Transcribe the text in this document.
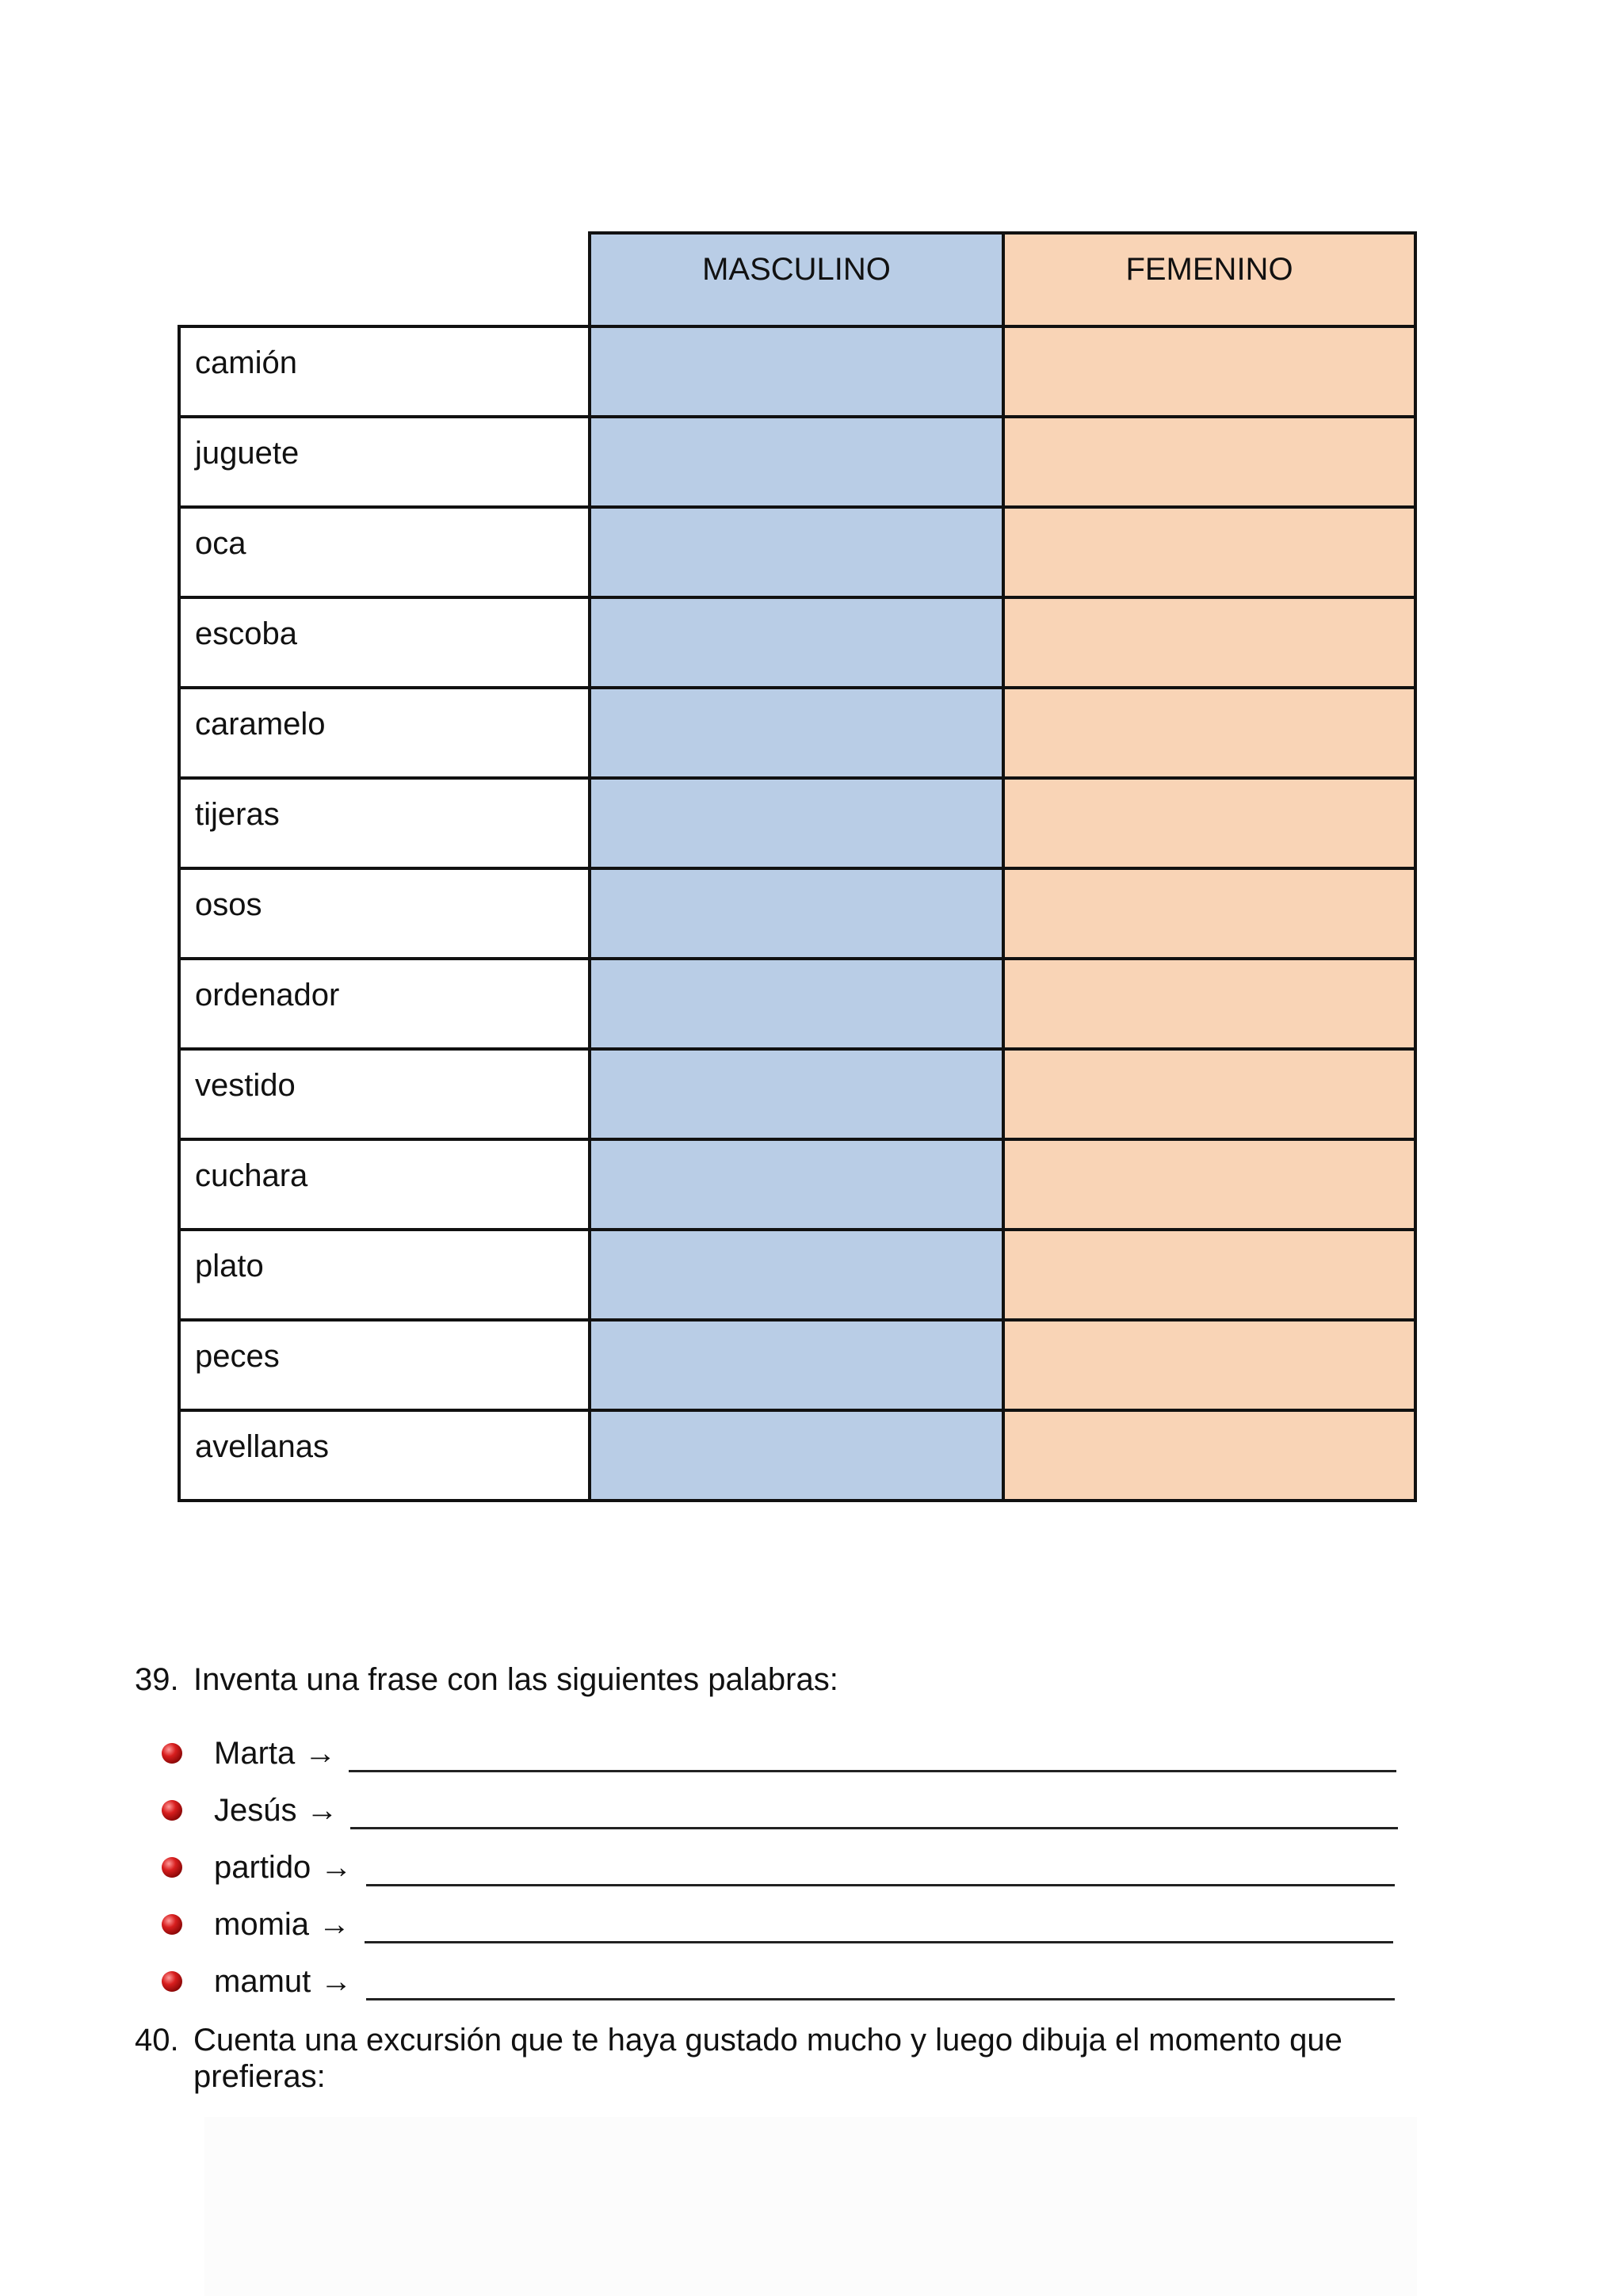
	MASCULINO	FEMENINO
camión		
juguete		
oca		
escoba		
caramelo		
tijeras		
osos		
ordenador		
vestido		
cuchara		
plato		
peces		
avellanas		
39. Inventa una frase con las siguientes palabras:
Marta →
Jesús →
partido →
momia →
mamut →
40. Cuenta una excursión que te haya gustado mucho y luego dibuja el momento que prefieras:
